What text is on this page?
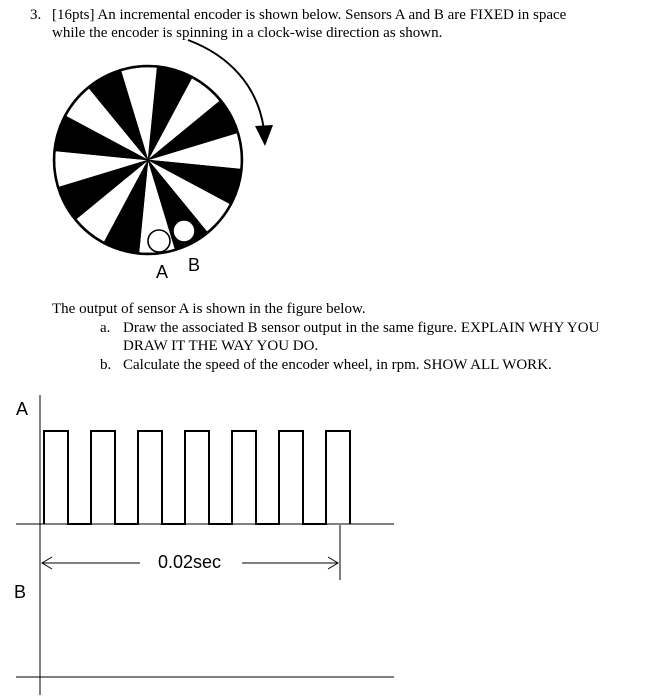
3. [16pts] An incremental encoder is shown below. Sensors A and B are FIXED in space
while the encoder is spinning in a clock-wise direction as shown.
A B
The output of sensor A is shown in the figure below.
a. Draw the associated B sensor output in the same figure. EXPLAIN WHY YOU
DRAW IT THE WAY YOU DO.
b. Calculate the speed of the encoder wheel, in rpm. SHOW ALL WORK.
A
B
0.02sec
